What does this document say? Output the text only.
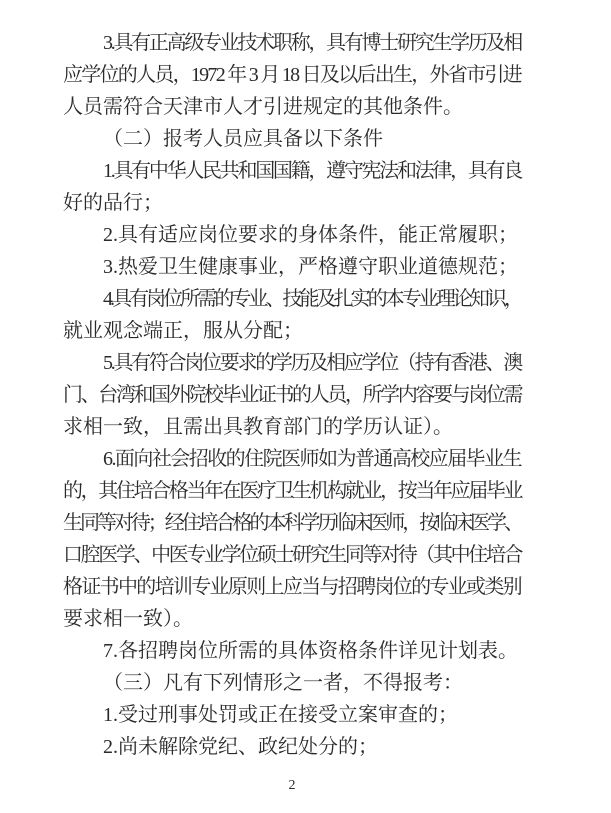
3.具有正高级专业技术职称，具有博士研究生学历及相
应学位的人员，1972 年 3 月 18 日及以后出生，外省市引进
人员需符合天津市人才引进规定的其他条件。
（二）报考人员应具备以下条件
1.具有中华人民共和国国籍，遵守宪法和法律，具有良
好的品行；
2.具有适应岗位要求的身体条件，能正常履职；
3.热爱卫生健康事业，严格遵守职业道德规范；
4.具有岗位所需的专业、技能及扎实的本专业理论知识，
就业观念端正，服从分配；
5.具有符合岗位要求的学历及相应学位（持有香港、澳
门、台湾和国外院校毕业证书的人员，所学内容要与岗位需
求相一致，且需出具教育部门的学历认证）。
6.面向社会招收的住院医师如为普通高校应届毕业生
的，其住培合格当年在医疗卫生机构就业，按当年应届毕业
生同等对待；经住培合格的本科学历临床医师，按临床医学、
口腔医学、中医专业学位硕士研究生同等对待（其中住培合
格证书中的培训专业原则上应当与招聘岗位的专业或类别
要求相一致）。
7.各招聘岗位所需的具体资格条件详见计划表。
（三）凡有下列情形之一者，不得报考：
1.受过刑事处罚或正在接受立案审查的；
2.尚未解除党纪、政纪处分的；
2
